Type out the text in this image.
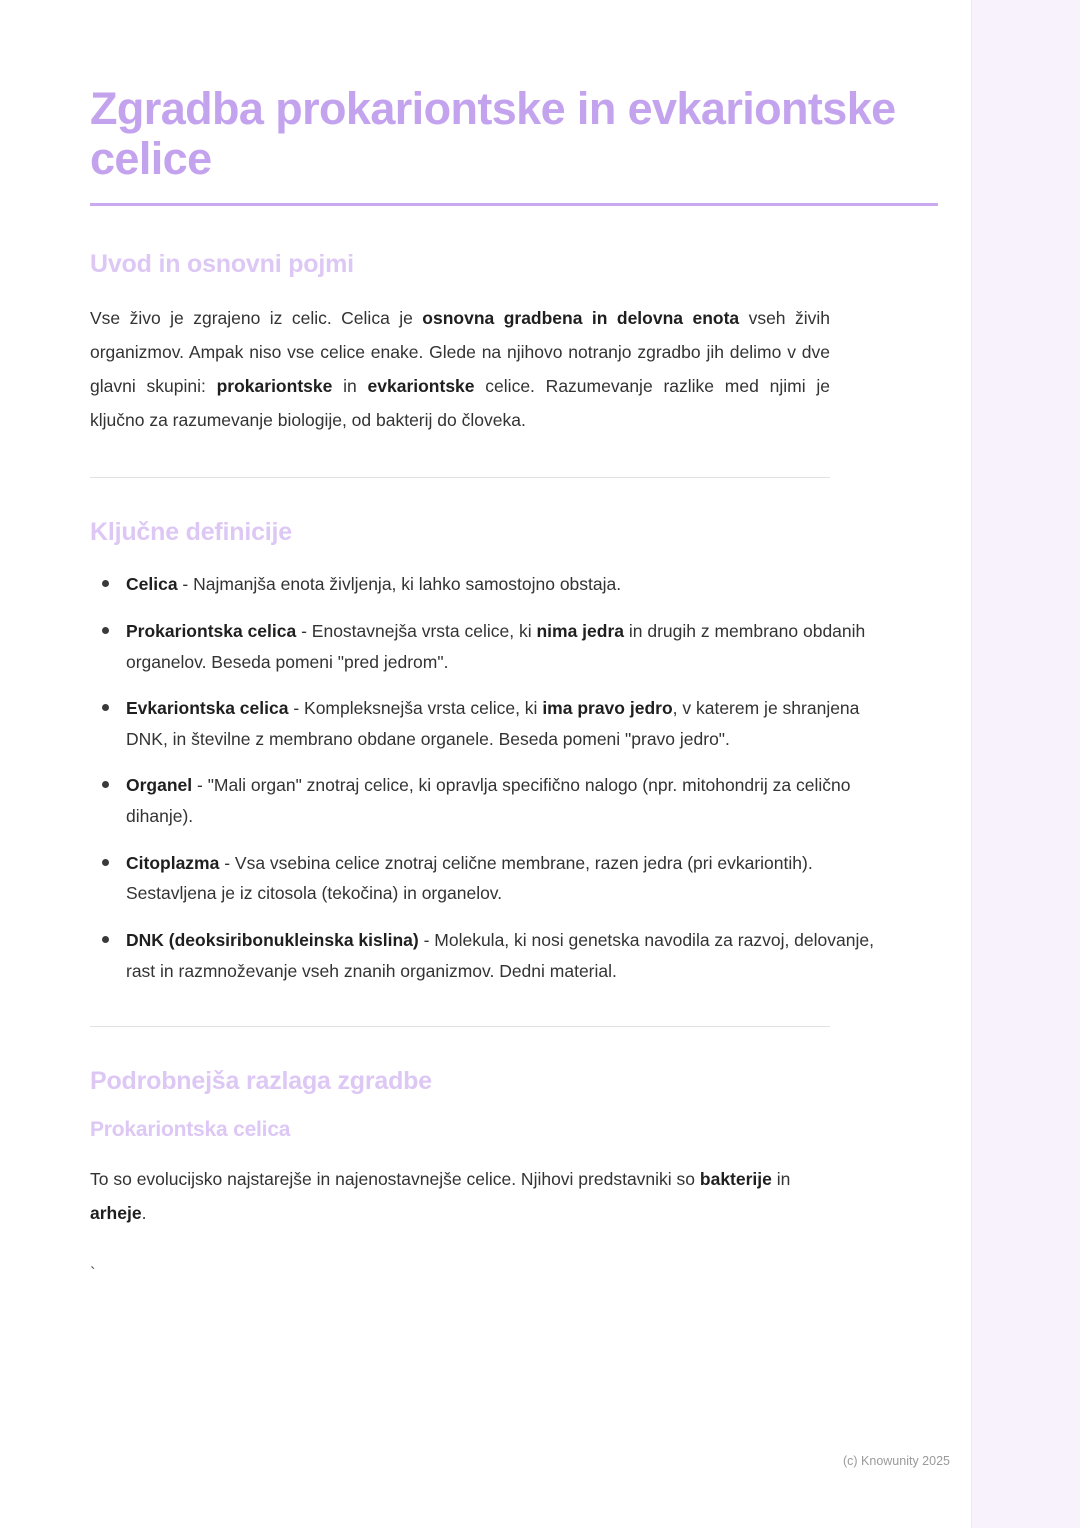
Zgradba prokariontske in evkariontske celice
Uvod in osnovni pojmi

Vse živo je zgrajeno iz celic. Celica je osnovna gradbena in delovna enota vseh živih organizmov. Ampak niso vse celice enake. Glede na njihovo notranjo zgradbo jih delimo v dve glavni skupini: prokariontske in evkariontske celice. Razumevanje razlike med njimi je ključno za razumevanje biologije, od bakterij do človeka.

Ključne definicije
Celica - Najmanjša enota življenja, ki lahko samostojno obstaja.
Prokariontska celica - Enostavnejša vrsta celice, ki nima jedra in drugih z membrano obdanih organelov. Beseda pomeni "pred jedrom".
Evkariontska celica - Kompleksnejša vrsta celice, ki ima pravo jedro, v katerem je shranjena DNK, in številne z membrano obdane organele. Beseda pomeni "pravo jedro".
Organel - "Mali organ" znotraj celice, ki opravlja specifično nalogo (npr. mitohondrij za celično dihanje).
Citoplazma - Vsa vsebina celice znotraj celične membrane, razen jedra (pri evkariontih). Sestavljena je iz citosola (tekočina) in organelov.
DNK (deoksiribonukleinska kislina) - Molekula, ki nosi genetska navodila za razvoj, delovanje, rast in razmnoževanje vseh znanih organizmov. Dedni material.
Podrobnejša razlaga zgradbe
Prokariontska celica

To so evolucijsko najstarejše in najenostavnejše celice. Njihovi predstavniki so bakterije in arheje.

`
(c) Knowunity 2025
